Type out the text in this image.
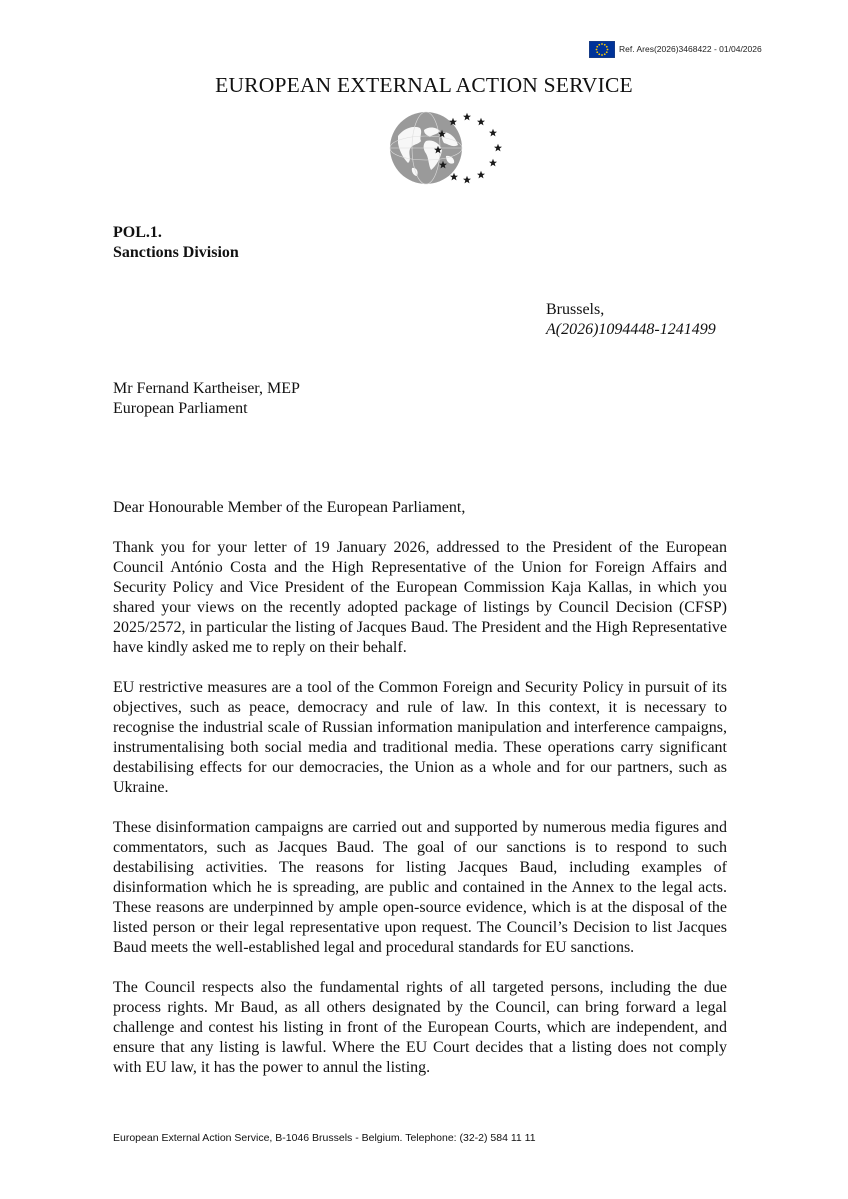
Ref. Ares(2026)3468422 - 01/04/2026
EUROPEAN EXTERNAL ACTION SERVICE
POL.1.
Sanctions Division
Brussels,
A(2026)1094448-1241499
Mr Fernand Kartheiser, MEP
European Parliament

Dear Honourable Member of the European Parliament,

Thank you for your letter of 19 January 2026, addressed to the President of the European Council António Costa and the High Representative of the Union for Foreign Affairs and Security Policy and Vice President of the European Commission Kaja Kallas, in which you shared your views on the recently adopted package of listings by Council Decision (CFSP) 2025/2572, in particular the listing of Jacques Baud. The President and the High Representative have kindly asked me to reply on their behalf.

EU restrictive measures are a tool of the Common Foreign and Security Policy in pursuit of its objectives, such as peace, democracy and rule of law. In this context, it is necessary to recognise the industrial scale of Russian information manipulation and interference campaigns, instrumentalising both social media and traditional media. These operations carry significant destabilising effects for our democracies, the Union as a whole and for our partners, such as Ukraine.

These disinformation campaigns are carried out and supported by numerous media figures and commentators, such as Jacques Baud. The goal of our sanctions is to respond to such destabilising activities. The reasons for listing Jacques Baud, including examples of disinformation which he is spreading, are public and contained in the Annex to the legal acts. These reasons are underpinned by ample open-source evidence, which is at the disposal of the listed person or their legal representative upon request. The Council’s Decision to list Jacques Baud meets the well-established legal and procedural standards for EU sanctions.

The Council respects also the fundamental rights of all targeted persons, including the due process rights. Mr Baud, as all others designated by the Council, can bring forward a legal challenge and contest his listing in front of the European Courts, which are independent, and ensure that any listing is lawful. Where the EU Court decides that a listing does not comply with EU law, it has the power to annul the listing.

European External Action Service, B-1046 Brussels - Belgium. Telephone: (32-2) 584 11 11
